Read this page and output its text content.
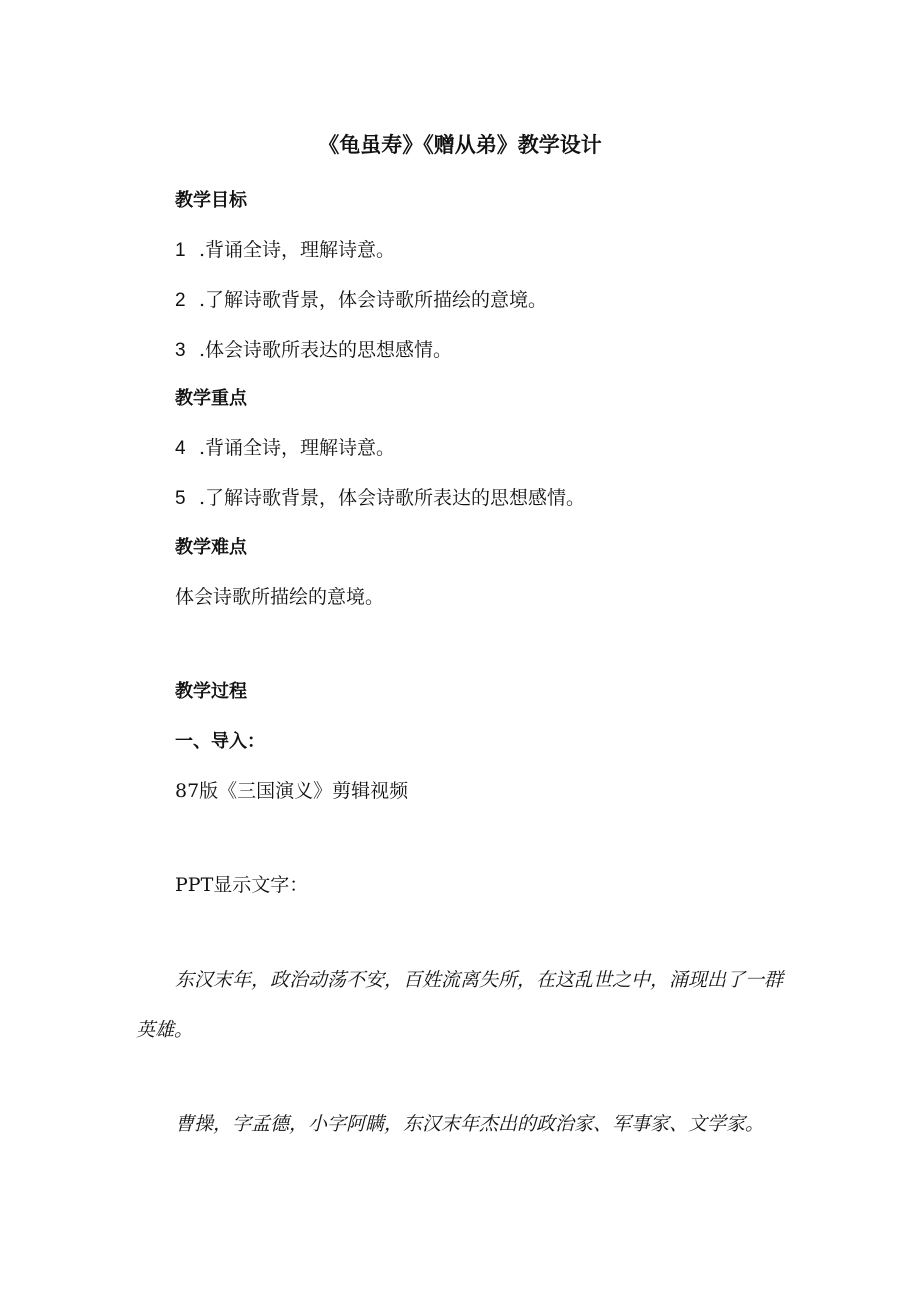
《龟虽寿》《赠从弟》教学设计
教学目标
1 .背诵全诗，理解诗意。
2 .了解诗歌背景，体会诗歌所描绘的意境。
3 .体会诗歌所表达的思想感情。
教学重点
4 .背诵全诗，理解诗意。
5 .了解诗歌背景，体会诗歌所表达的思想感情。
教学难点
体会诗歌所描绘的意境。
教学过程
一、导入：
87版《三国演义》剪辑视频
PPT显示文字：
东汉末年，政治动荡不安，百姓流离失所，在这乱世之中，涌现出了一群
英雄。
曹操，字孟德，小字阿瞒，东汉末年杰出的政治家、军事家、文学家。
